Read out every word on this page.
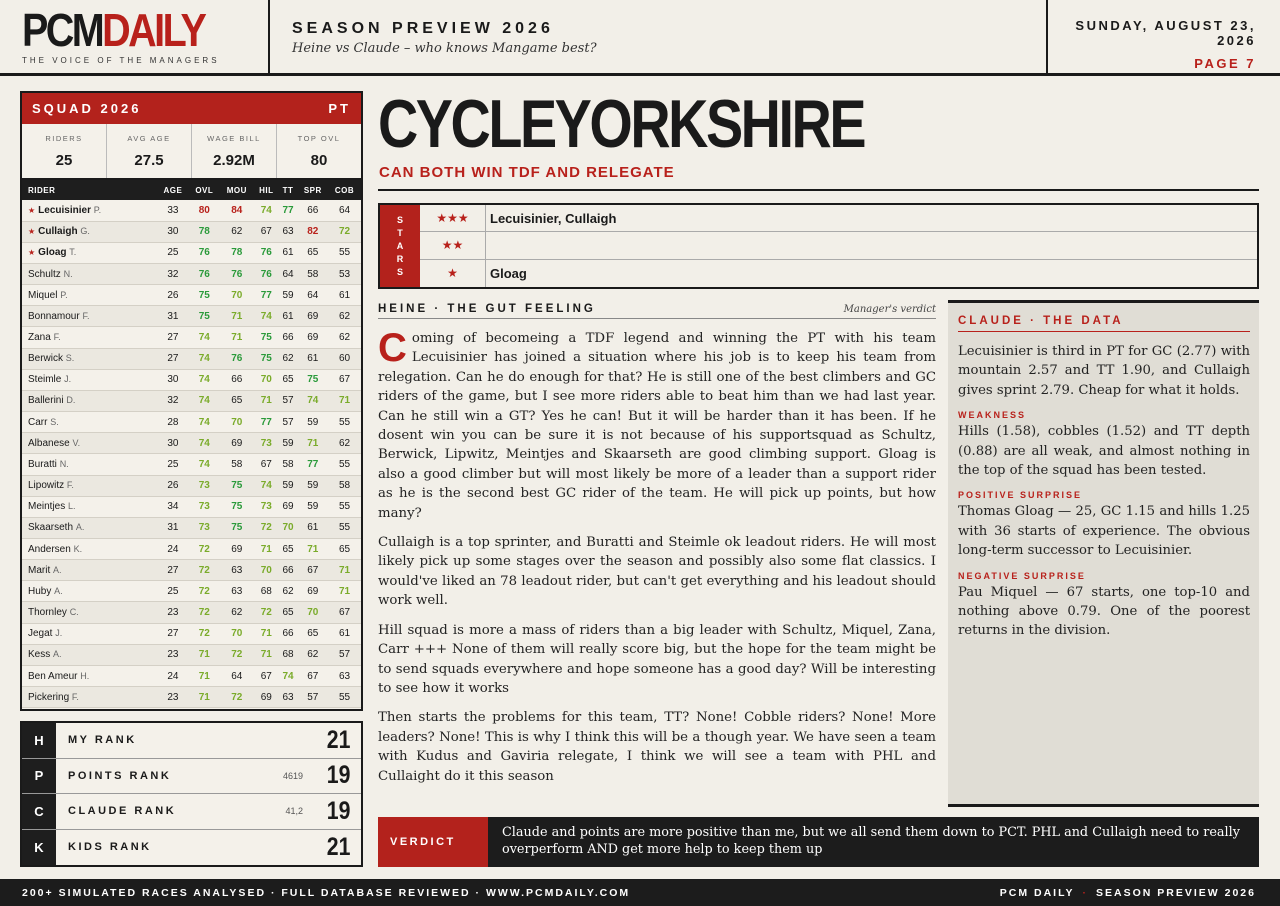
PCMDAILY
THE VOICE OF THE MANAGERS
SEASON PREVIEW 2026
Heine vs Claude – who knows Mangame best?
SUNDAY, AUGUST 23, 2026
PAGE 7
SQUAD 2026	PT
RIDERS
25
AVG AGE
27.5
WAGE BILL
2.92M
TOP OVL
80
RIDER	AGE	OVL	MOU	HIL	TT	SPR	COB
★ Lecuisinier P.	33	80	84	74	77	66	64
★ Cullaigh G.	30	78	62	67	63	82	72
★ Gloag T.	25	76	78	76	61	65	55
Schultz N.	32	76	76	76	64	58	53
Miquel P.	26	75	70	77	59	64	61
Bonnamour F.	31	75	71	74	61	69	62
Zana F.	27	74	71	75	66	69	62
Berwick S.	27	74	76	75	62	61	60
Steimle J.	30	74	66	70	65	75	67
Ballerini D.	32	74	65	71	57	74	71
Carr S.	28	74	70	77	57	59	55
Albanese V.	30	74	69	73	59	71	62
Buratti N.	25	74	58	67	58	77	55
Lipowitz F.	26	73	75	74	59	59	58
Meintjes L.	34	73	75	73	69	59	55
Skaarseth A.	31	73	75	72	70	61	55
Andersen K.	24	72	69	71	65	71	65
Marit A.	27	72	63	70	66	67	71
Huby A.	25	72	63	68	62	69	71
Thornley C.	23	72	62	72	65	70	67
Jegat J.	27	72	70	71	66	65	61
Kess A.	23	71	72	71	68	62	57
Ben Ameur H.	24	71	64	67	74	67	63
Pickering F.	23	71	72	69	63	57	55
H	MY RANK	21
P	POINTS RANK	4619 19
C	CLAUDE RANK	41,2 19
K	KIDS RANK	21
CYCLEYORKSHIRE
CAN BOTH WIN TDF AND RELEGATE
S
T
A
R
S
★★★	Lecuisinier, Cullaigh
★★
★	Gloag
HEINE · THE GUT FEELING	Manager's verdict

Coming of becomeing a TDF legend and winning the PT with his team Lecuisinier has joined a situation where his job is to keep his team from relegation. Can he do enough for that? He is still one of the best climbers and GC riders of the game, but I see more riders able to beat him than we had last year. Can he still win a GT? Yes he can! But it will be harder than it has been. If he dosent win you can be sure it is not because of his supportsquad as Schultz, Berwick, Lipwitz, Meintjes and Skaarseth are good climbing support. Gloag is also a good climber but will most likely be more of a leader than a support rider as he is the second best GC rider of the team. He will pick up points, but how many?

Cullaigh is a top sprinter, and Buratti and Steimle ok leadout riders. He will most likely pick up some stages over the season and possibly also some flat classics. I would've liked an 78 leadout rider, but can't get everything and his leadout should work well.

Hill squad is more a mass of riders than a big leader with Schultz, Miquel, Zana, Carr +++ None of them will really score big, but the hope for the team might be to send squads everywhere and hope someone has a good day? Will be interesting to see how it works

Then starts the problems for this team, TT? None! Cobble riders? None! More leaders? None! This is why I think this will be a though year. We have seen a team with Kudus and Gaviria relegate, I think we will see a team with PHL and Cullaight do it this season

CLAUDE · THE DATA

Lecuisinier is third in PT for GC (2.77) with mountain 2.57 and TT 1.90, and Cullaigh gives sprint 2.79. Cheap for what it holds.

WEAKNESS

Hills (1.58), cobbles (1.52) and TT depth (0.88) are all weak, and almost nothing in the top of the squad has been tested.

POSITIVE SURPRISE

Thomas Gloag — 25, GC 1.15 and hills 1.25 with 36 starts of experience. The obvious long-term successor to Lecuisinier.

NEGATIVE SURPRISE

Pau Miquel — 67 starts, one top-10 and nothing above 0.79. One of the poorest returns in the division.

VERDICT
Claude and points are more positive than me, but we all send them down to PCT. PHL and Cullaigh need to really overperform AND get more help to keep them up
200+ SIMULATED RACES ANALYSED · FULL DATABASE REVIEWED · WWW.PCMDAILY.COM	PCM DAILY · SEASON PREVIEW 2026
